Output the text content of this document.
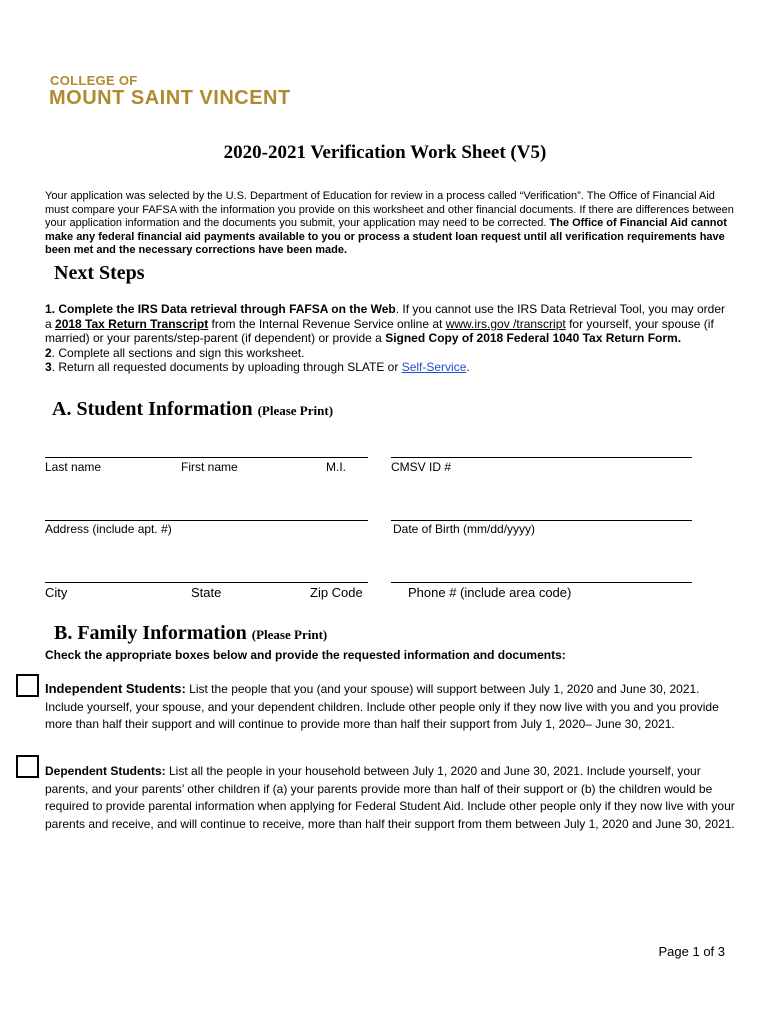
COLLEGE OF
MOUNT SAINT VINCENT
2020-2021 Verification Work Sheet (V5)
Your application was selected by the U.S. Department of Education for review in a process called “Verification”. The Office of Financial Aid must compare your FAFSA with the information you provide on this worksheet and other financial documents. If there are differences between your application information and the documents you submit, your application may need to be corrected. The Office of Financial Aid cannot make any federal financial aid payments available to you or process a student loan request until all verification requirements have been met and the necessary corrections have been made.
Next Steps

1. Complete the IRS Data retrieval through FAFSA on the Web. If you cannot use the IRS Data Retrieval Tool, you may order a 2018 Tax Return Transcript from the Internal Revenue Service online at www.irs.gov /transcript for yourself, your spouse (if married) or your parents/step-parent (if dependent) or provide a Signed Copy of 2018 Federal 1040 Tax Return Form.

2. Complete all sections and sign this worksheet.

3. Return all requested documents by uploading through SLATE or Self-Service.

A. Student Information (Please Print)
Last name	First name	M.I.	CMSV ID #
Address (include apt. #)	Date of Birth (mm/dd/yyyy)
City	State	Zip Code	Phone # (include area code)
B. Family Information (Please Print)
Check the appropriate boxes below and provide the requested information and documents:
Independent Students: List the people that you (and your spouse) will support between July 1, 2020 and June 30, 2021. Include yourself, your spouse, and your dependent children. Include other people only if they now live with you and you provide more than half their support and will continue to provide more than half their support from July 1, 2020– June 30, 2021.
Dependent Students: List all the people in your household between July 1, 2020 and June 30, 2021. Include yourself, your parents, and your parents’ other children if (a) your parents provide more than half of their support or (b) the children would be required to provide parental information when applying for Federal Student Aid. Include other people only if they now live with your parents and receive, and will continue to receive, more than half their support from them between July 1, 2020 and June 30, 2021.
Page 1 of 3
